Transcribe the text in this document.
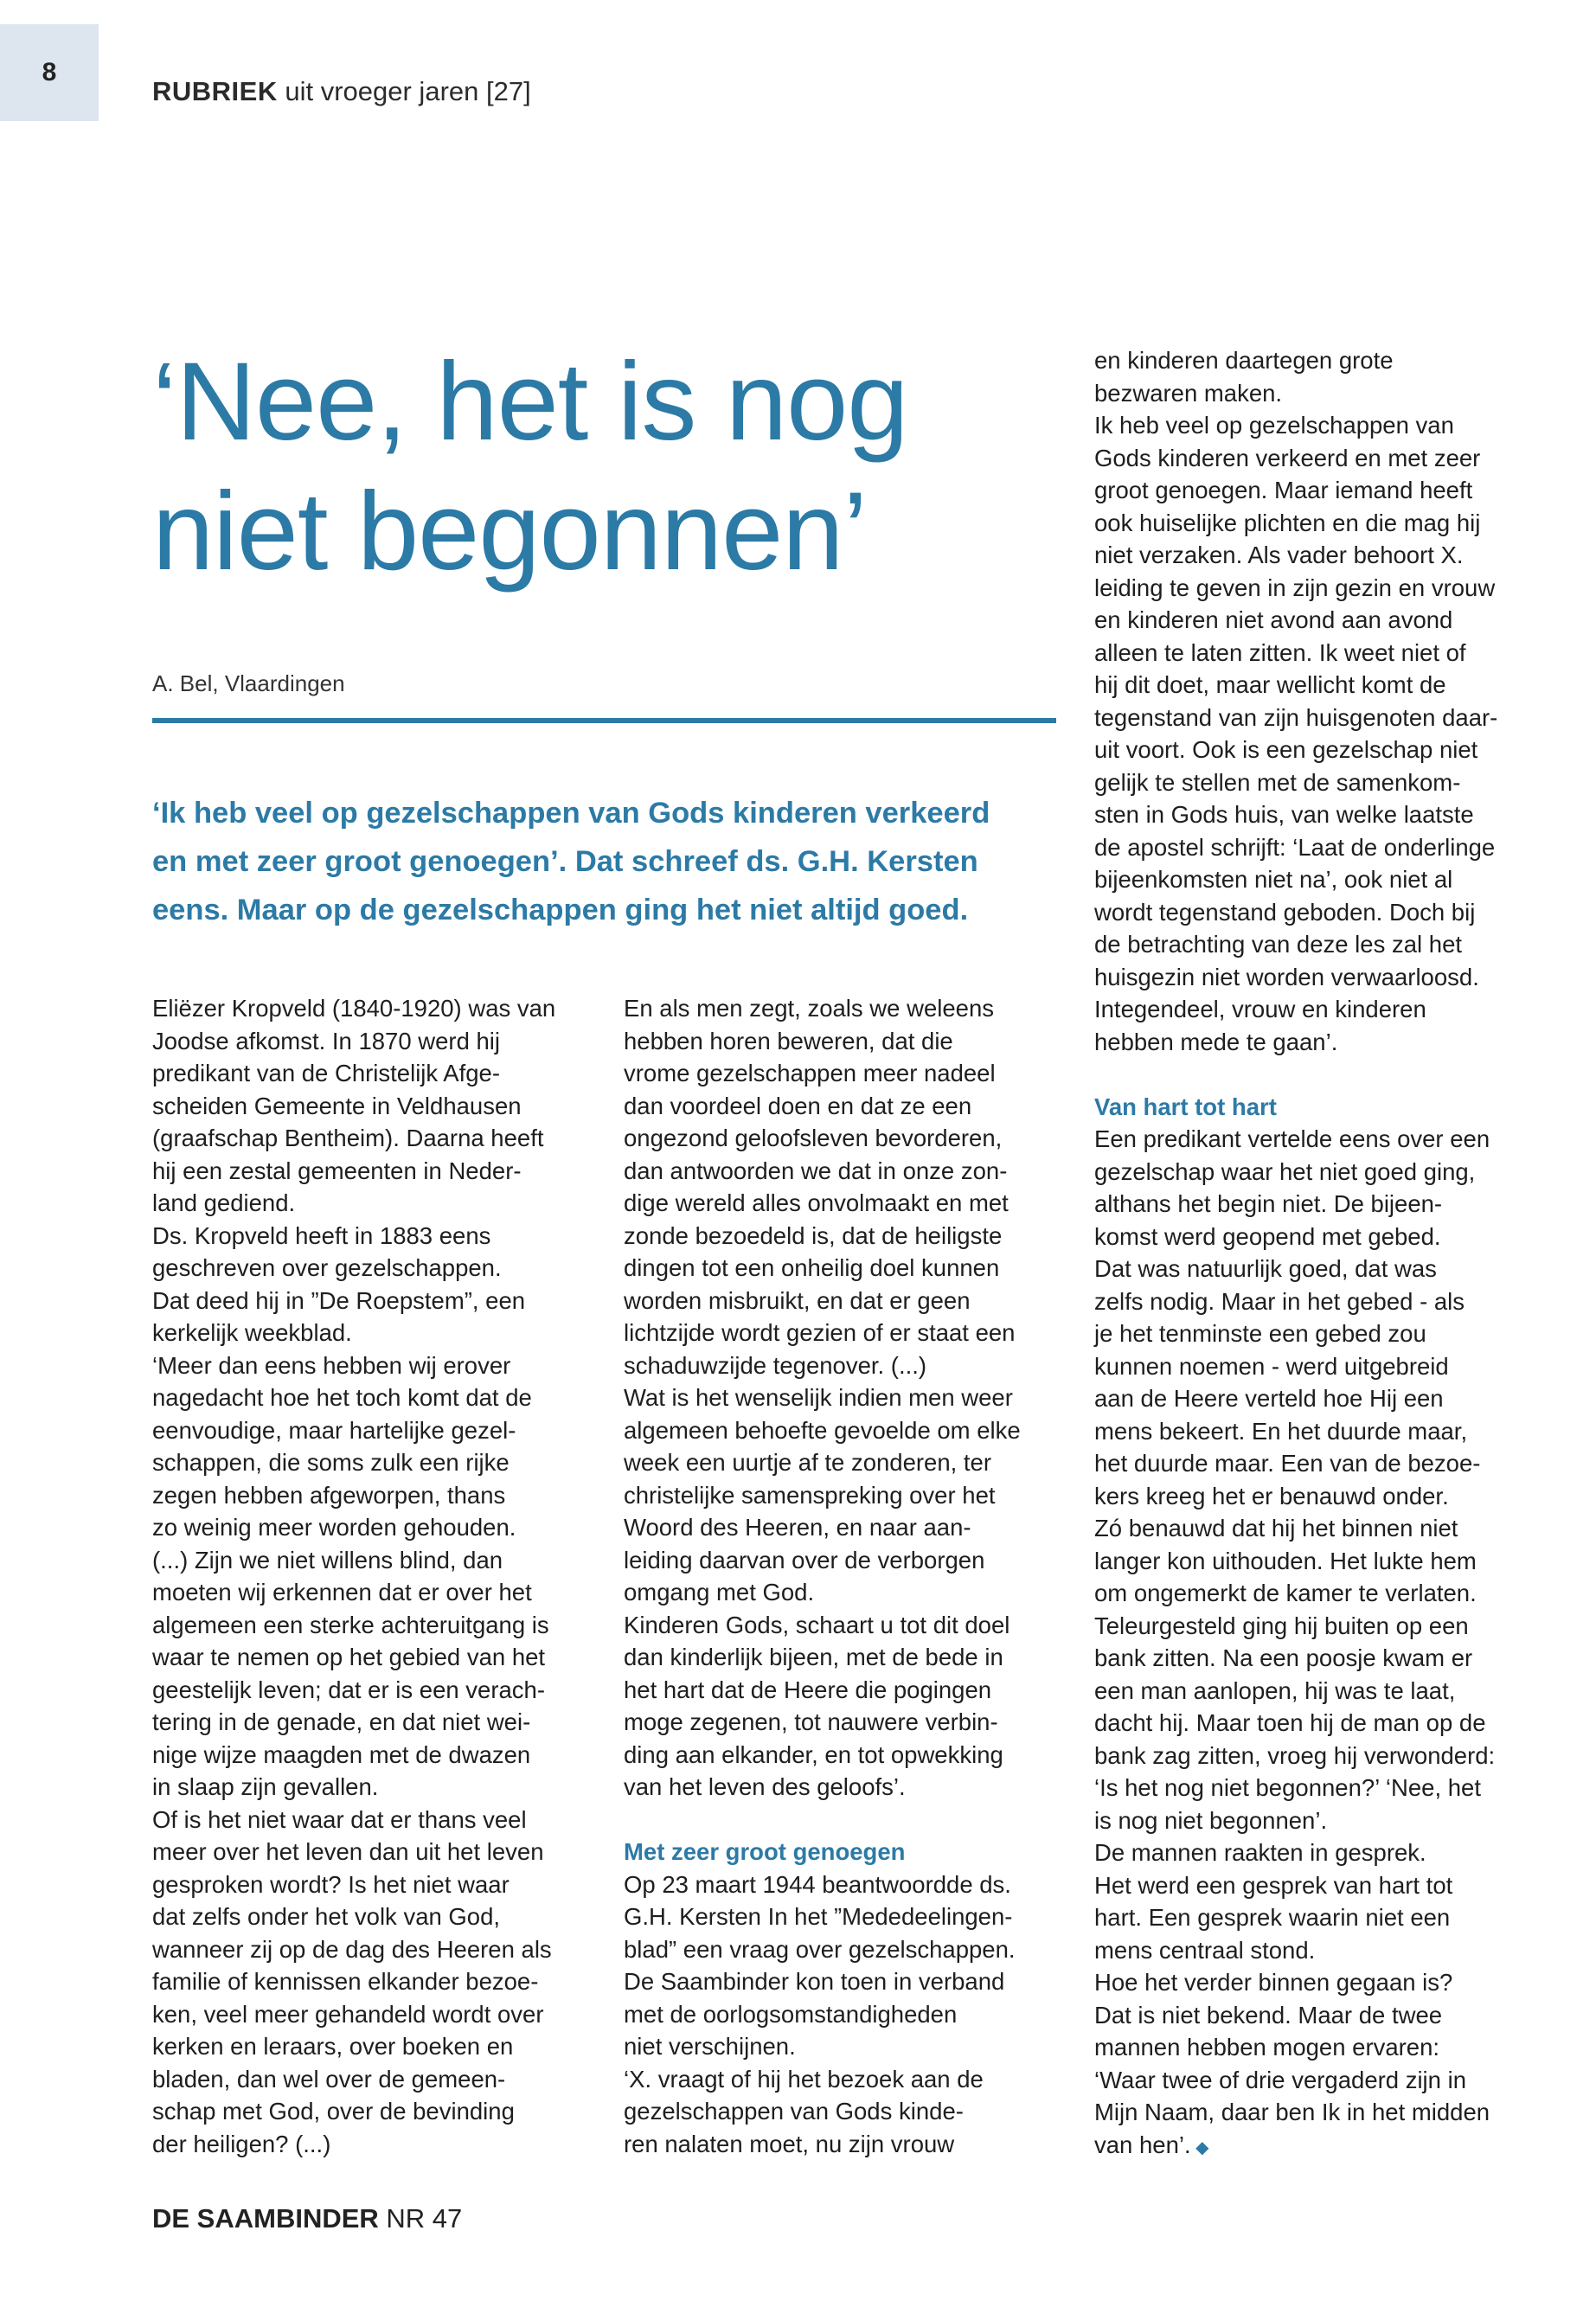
8
RUBRIEK uit vroeger jaren [27]
‘Nee, het is nog
niet begonnen’
A. Bel, Vlaardingen
‘Ik heb veel op gezelschappen van Gods kinderen verkeerd
en met zeer groot genoegen’. Dat schreef ds. G.H. Kersten
eens. Maar op de gezelschappen ging het niet altijd goed.
Eliëzer Kropveld (1840-1920) was van
Joodse afkomst. In 1870 werd hij
predikant van de Christelijk Afge-
scheiden Gemeente in Veldhausen
(graafschap Bentheim). Daarna heeft
hij een zestal gemeenten in Neder-
land gediend.
Ds. Kropveld heeft in 1883 eens
geschreven over gezelschappen.
Dat deed hij in ”De Roepstem”, een
kerkelijk weekblad.
‘Meer dan eens hebben wij erover
nagedacht hoe het toch komt dat de
eenvoudige, maar hartelijke gezel-
schappen, die soms zulk een rijke
zegen hebben afgeworpen, thans
zo weinig meer worden gehouden.
(...) Zijn we niet willens blind, dan
moeten wij erkennen dat er over het
algemeen een sterke achteruitgang is
waar te nemen op het gebied van het
geestelijk leven; dat er is een verach-
tering in de genade, en dat niet wei-
nige wijze maagden met de dwazen
in slaap zijn gevallen.
Of is het niet waar dat er thans veel
meer over het leven dan uit het leven
gesproken wordt? Is het niet waar
dat zelfs onder het volk van God,
wanneer zij op de dag des Heeren als
familie of kennissen elkander bezoe-
ken, veel meer gehandeld wordt over
kerken en leraars, over boeken en
bladen, dan wel over de gemeen-
schap met God, over de bevinding
der heiligen? (...)
En als men zegt, zoals we weleens
hebben horen beweren, dat die
vrome gezelschappen meer nadeel
dan voordeel doen en dat ze een
ongezond geloofsleven bevorderen,
dan antwoorden we dat in onze zon-
dige wereld alles onvolmaakt en met
zonde bezoedeld is, dat de heiligste
dingen tot een onheilig doel kunnen
worden misbruikt, en dat er geen
lichtzijde wordt gezien of er staat een
schaduwzijde tegenover. (...)
Wat is het wenselijk indien men weer
algemeen behoefte gevoelde om elke
week een uurtje af te zonderen, ter
christelijke samenspreking over het
Woord des Heeren, en naar aan-
leiding daarvan over de verborgen
omgang met God.
Kinderen Gods, schaart u tot dit doel
dan kinderlijk bijeen, met de bede in
het hart dat de Heere die pogingen
moge zegenen, tot nauwere verbin-
ding aan elkander, en tot opwekking
van het leven des geloofs’.
Met zeer groot genoegen
Op 23 maart 1944 beantwoordde ds.
G.H. Kersten In het ”Mededeelingen-
blad” een vraag over gezelschappen.
De Saambinder kon toen in verband
met de oorlogsomstandigheden
niet verschijnen.
‘X. vraagt of hij het bezoek aan de
gezelschappen van Gods kinde-
ren nalaten moet, nu zijn vrouw
en kinderen daartegen grote
bezwaren maken.
Ik heb veel op gezelschappen van
Gods kinderen verkeerd en met zeer
groot genoegen. Maar iemand heeft
ook huiselijke plichten en die mag hij
niet verzaken. Als vader behoort X.
leiding te geven in zijn gezin en vrouw
en kinderen niet avond aan avond
alleen te laten zitten. Ik weet niet of
hij dit doet, maar wellicht komt de
tegenstand van zijn huisgenoten daar-
uit voort. Ook is een gezelschap niet
gelijk te stellen met de samenkom-
sten in Gods huis, van welke laatste
de apostel schrijft: ‘Laat de onderlinge
bijeenkomsten niet na’, ook niet al
wordt tegenstand geboden. Doch bij
de betrachting van deze les zal het
huisgezin niet worden verwaarloosd.
Integendeel, vrouw en kinderen
hebben mede te gaan’.
Van hart tot hart
Een predikant vertelde eens over een
gezelschap waar het niet goed ging,
althans het begin niet. De bijeen-
komst werd geopend met gebed.
Dat was natuurlijk goed, dat was
zelfs nodig. Maar in het gebed - als
je het tenminste een gebed zou
kunnen noemen - werd uitgebreid
aan de Heere verteld hoe Hij een
mens bekeert. En het duurde maar,
het duurde maar. Een van de bezoe-
kers kreeg het er benauwd onder.
Zó benauwd dat hij het binnen niet
langer kon uithouden. Het lukte hem
om ongemerkt de kamer te verlaten.
Teleurgesteld ging hij buiten op een
bank zitten. Na een poosje kwam er
een man aanlopen, hij was te laat,
dacht hij. Maar toen hij de man op de
bank zag zitten, vroeg hij verwonderd:
‘Is het nog niet begonnen?’ ‘Nee, het
is nog niet begonnen’.
De mannen raakten in gesprek.
Het werd een gesprek van hart tot
hart. Een gesprek waarin niet een
mens centraal stond.
Hoe het verder binnen gegaan is?
Dat is niet bekend. Maar de twee
mannen hebben mogen ervaren:
‘Waar twee of drie vergaderd zijn in
Mijn Naam, daar ben Ik in het midden
van hen’. ◆
DE SAAMBINDER NR 47
